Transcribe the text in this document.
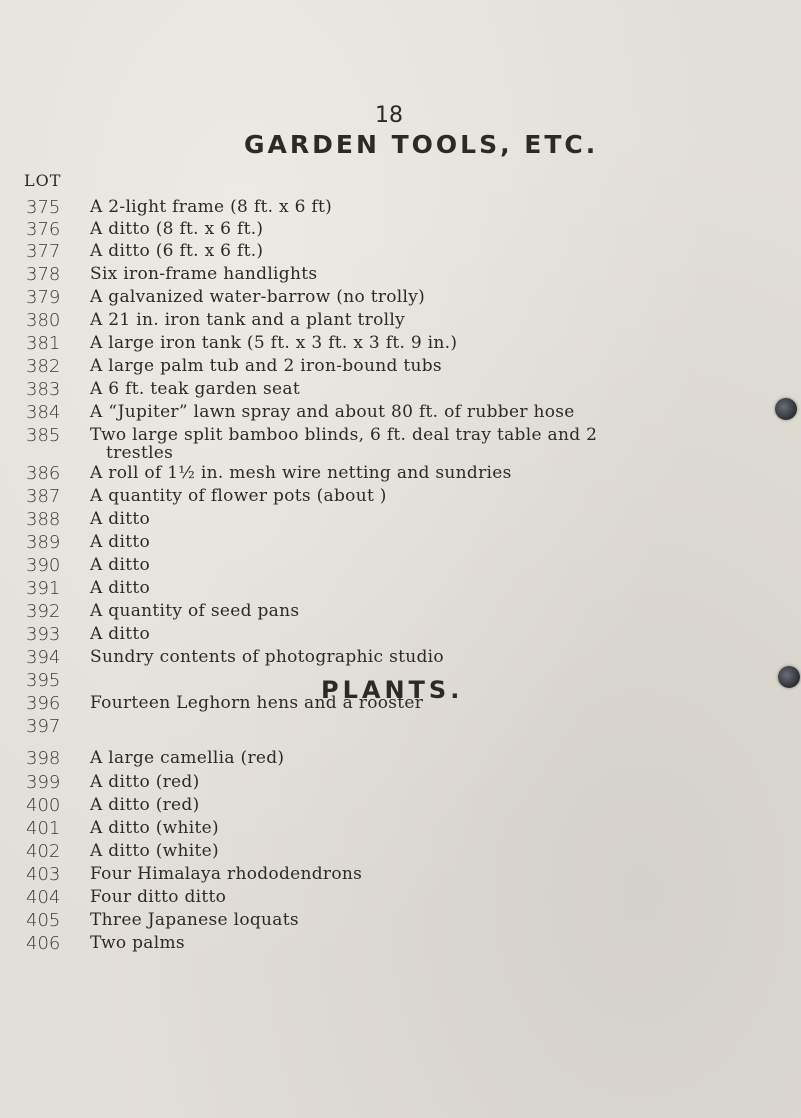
18
GARDEN TOOLS, ETC.
LOT
375	A 2-light frame (8 ft. x 6 ft)
376	A ditto (8 ft. x 6 ft.)
377	A ditto (6 ft. x 6 ft.)
378	Six iron-frame handlights
379	A galvanized water-barrow (no trolly)
380	A 21 in. iron tank and a plant trolly
381	A large iron tank (5 ft. x 3 ft. x 3 ft. 9 in.)
382	A large palm tub and 2 iron-bound tubs
383	A 6 ft. teak garden seat
384	A “Jupiter” lawn spray and about 80 ft. of rubber hose
385	Two large split bamboo blinds, 6 ft. deal tray table and 2
trestles
386	A roll of 1½ in. mesh wire netting and sundries
387	A quantity of flower pots (about )
388	A ditto
389	A ditto
390	A ditto
391	A ditto
392	A quantity of seed pans
393	A ditto
394	Sundry contents of photographic studio
395
396	Fourteen Leghorn hens and a rooster
397
PLANTS.
398	A large camellia (red)
399	A ditto (red)
400	A ditto (red)
401	A ditto (white)
402	A ditto (white)
403	Four Himalaya rhododendrons
404	Four ditto ditto
405	Three Japanese loquats
406	Two palms
